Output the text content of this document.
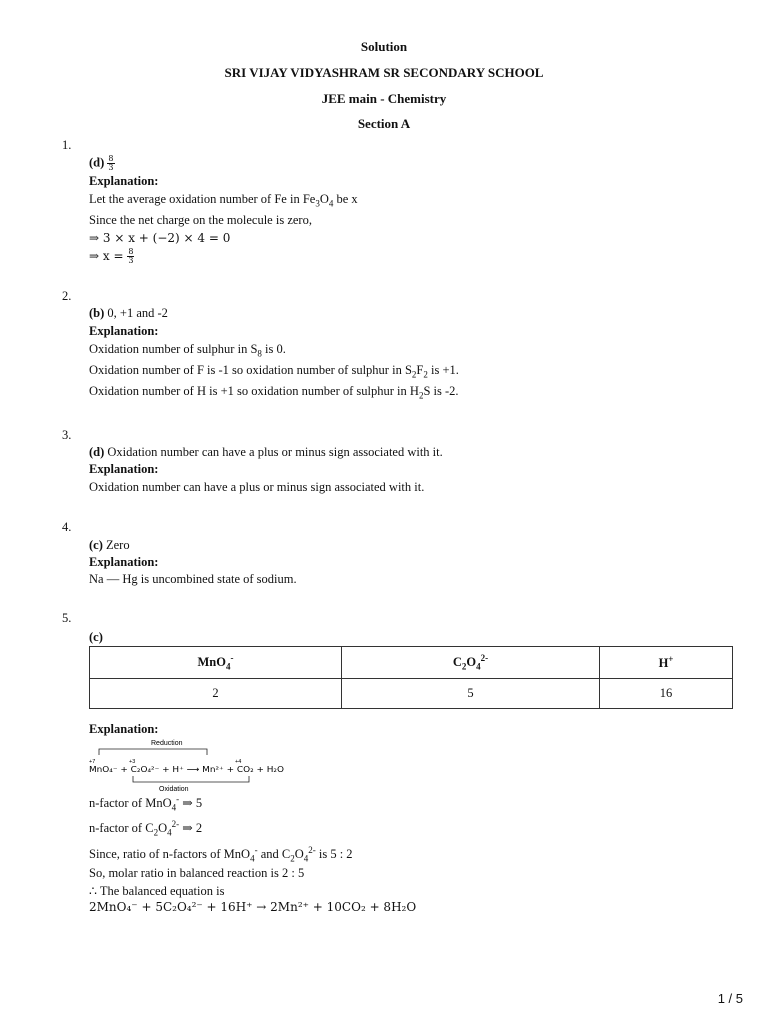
Solution
SRI VIJAY VIDYASHRAM SR SECONDARY SCHOOL
JEE main - Chemistry
Section A
1.
$(d) \frac{8}{3}$
Explanation:
Let the average oxidation number of Fe in $Fe_3O_4$ be x
Since the net charge on the molecule is zero,
⇒ 3 × x + (−2) × 4 = 0
⇒ $x = \frac{8}{3}$
2.
(b) 0, +1 and -2
Explanation:
Oxidation number of sulphur in $S_8$ is 0.
Oxidation number of F is -1 so oxidation number of sulphur in $S_2F_2$ is +1.
Oxidation number of H is +1 so oxidation number of sulphur in $H_2S$ is -2.
3.
(d) Oxidation number can have a plus or minus sign associated with it.
Explanation:
Oxidation number can have a plus or minus sign associated with it.
4.
(c) Zero
Explanation:
Na — Hg is uncombined state of sodium.
5.
(c)
MnO$_4$-	$C_2O_4^{2-}$	H+
2	5	16
Explanation:
Reduction
+7	+3	+4
MnO₄⁻ + C₂O₄²⁻ + H⁺ ⟶ Mn²⁺ + CO₂ + H₂O
Oxidation
n-factor of MnO$_4$- ⇒ 5
n-factor of $C_2O_4^{2-}$ ⇒ 2
Since, ratio of n-factors of MnO$_4$- and $C_2O_4^{2-}$ is 5 : 2
So, molar ratio in balanced reaction is 2 : 5
∴ The balanced equation is
2MnO₄⁻ + 5C₂O₄²⁻ + 16H⁺ → 2Mn²⁺ + 10CO₂ + 8H₂O
1 / 5
